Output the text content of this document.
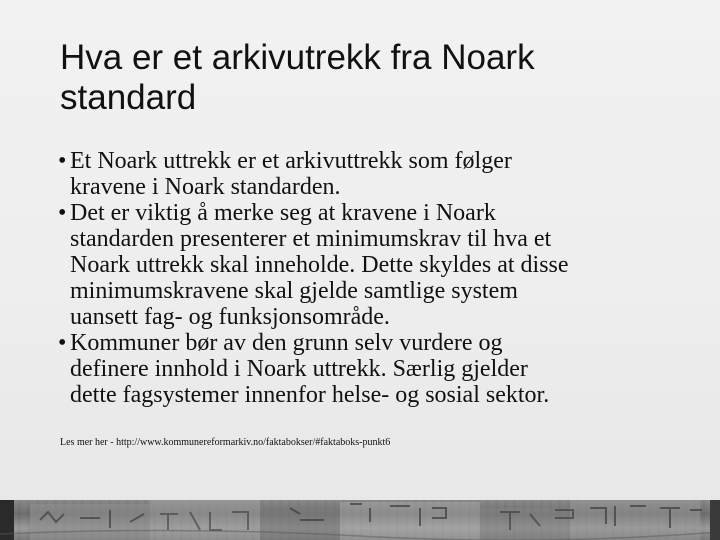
Hva er et arkivutrekk fra Noark standard
• Et Noark uttrekk er et arkivuttrekk som følger
kravene i Noark standarden.
• Det er viktig å merke seg at kravene i Noark
standarden presenterer et minimumskrav til hva et
Noark uttrekk skal inneholde. Dette skyldes at disse
minimumskravene skal gjelde samtlige system
uansett fag- og funksjonsområde.
• Kommuner bør av den grunn selv vurdere og
definere innhold i Noark uttrekk. Særlig gjelder
dette fagsystemer innenfor helse- og sosial sektor.
Les mer her - http://www.kommunereformarkiv.no/faktabokser/#faktaboks-punkt6
